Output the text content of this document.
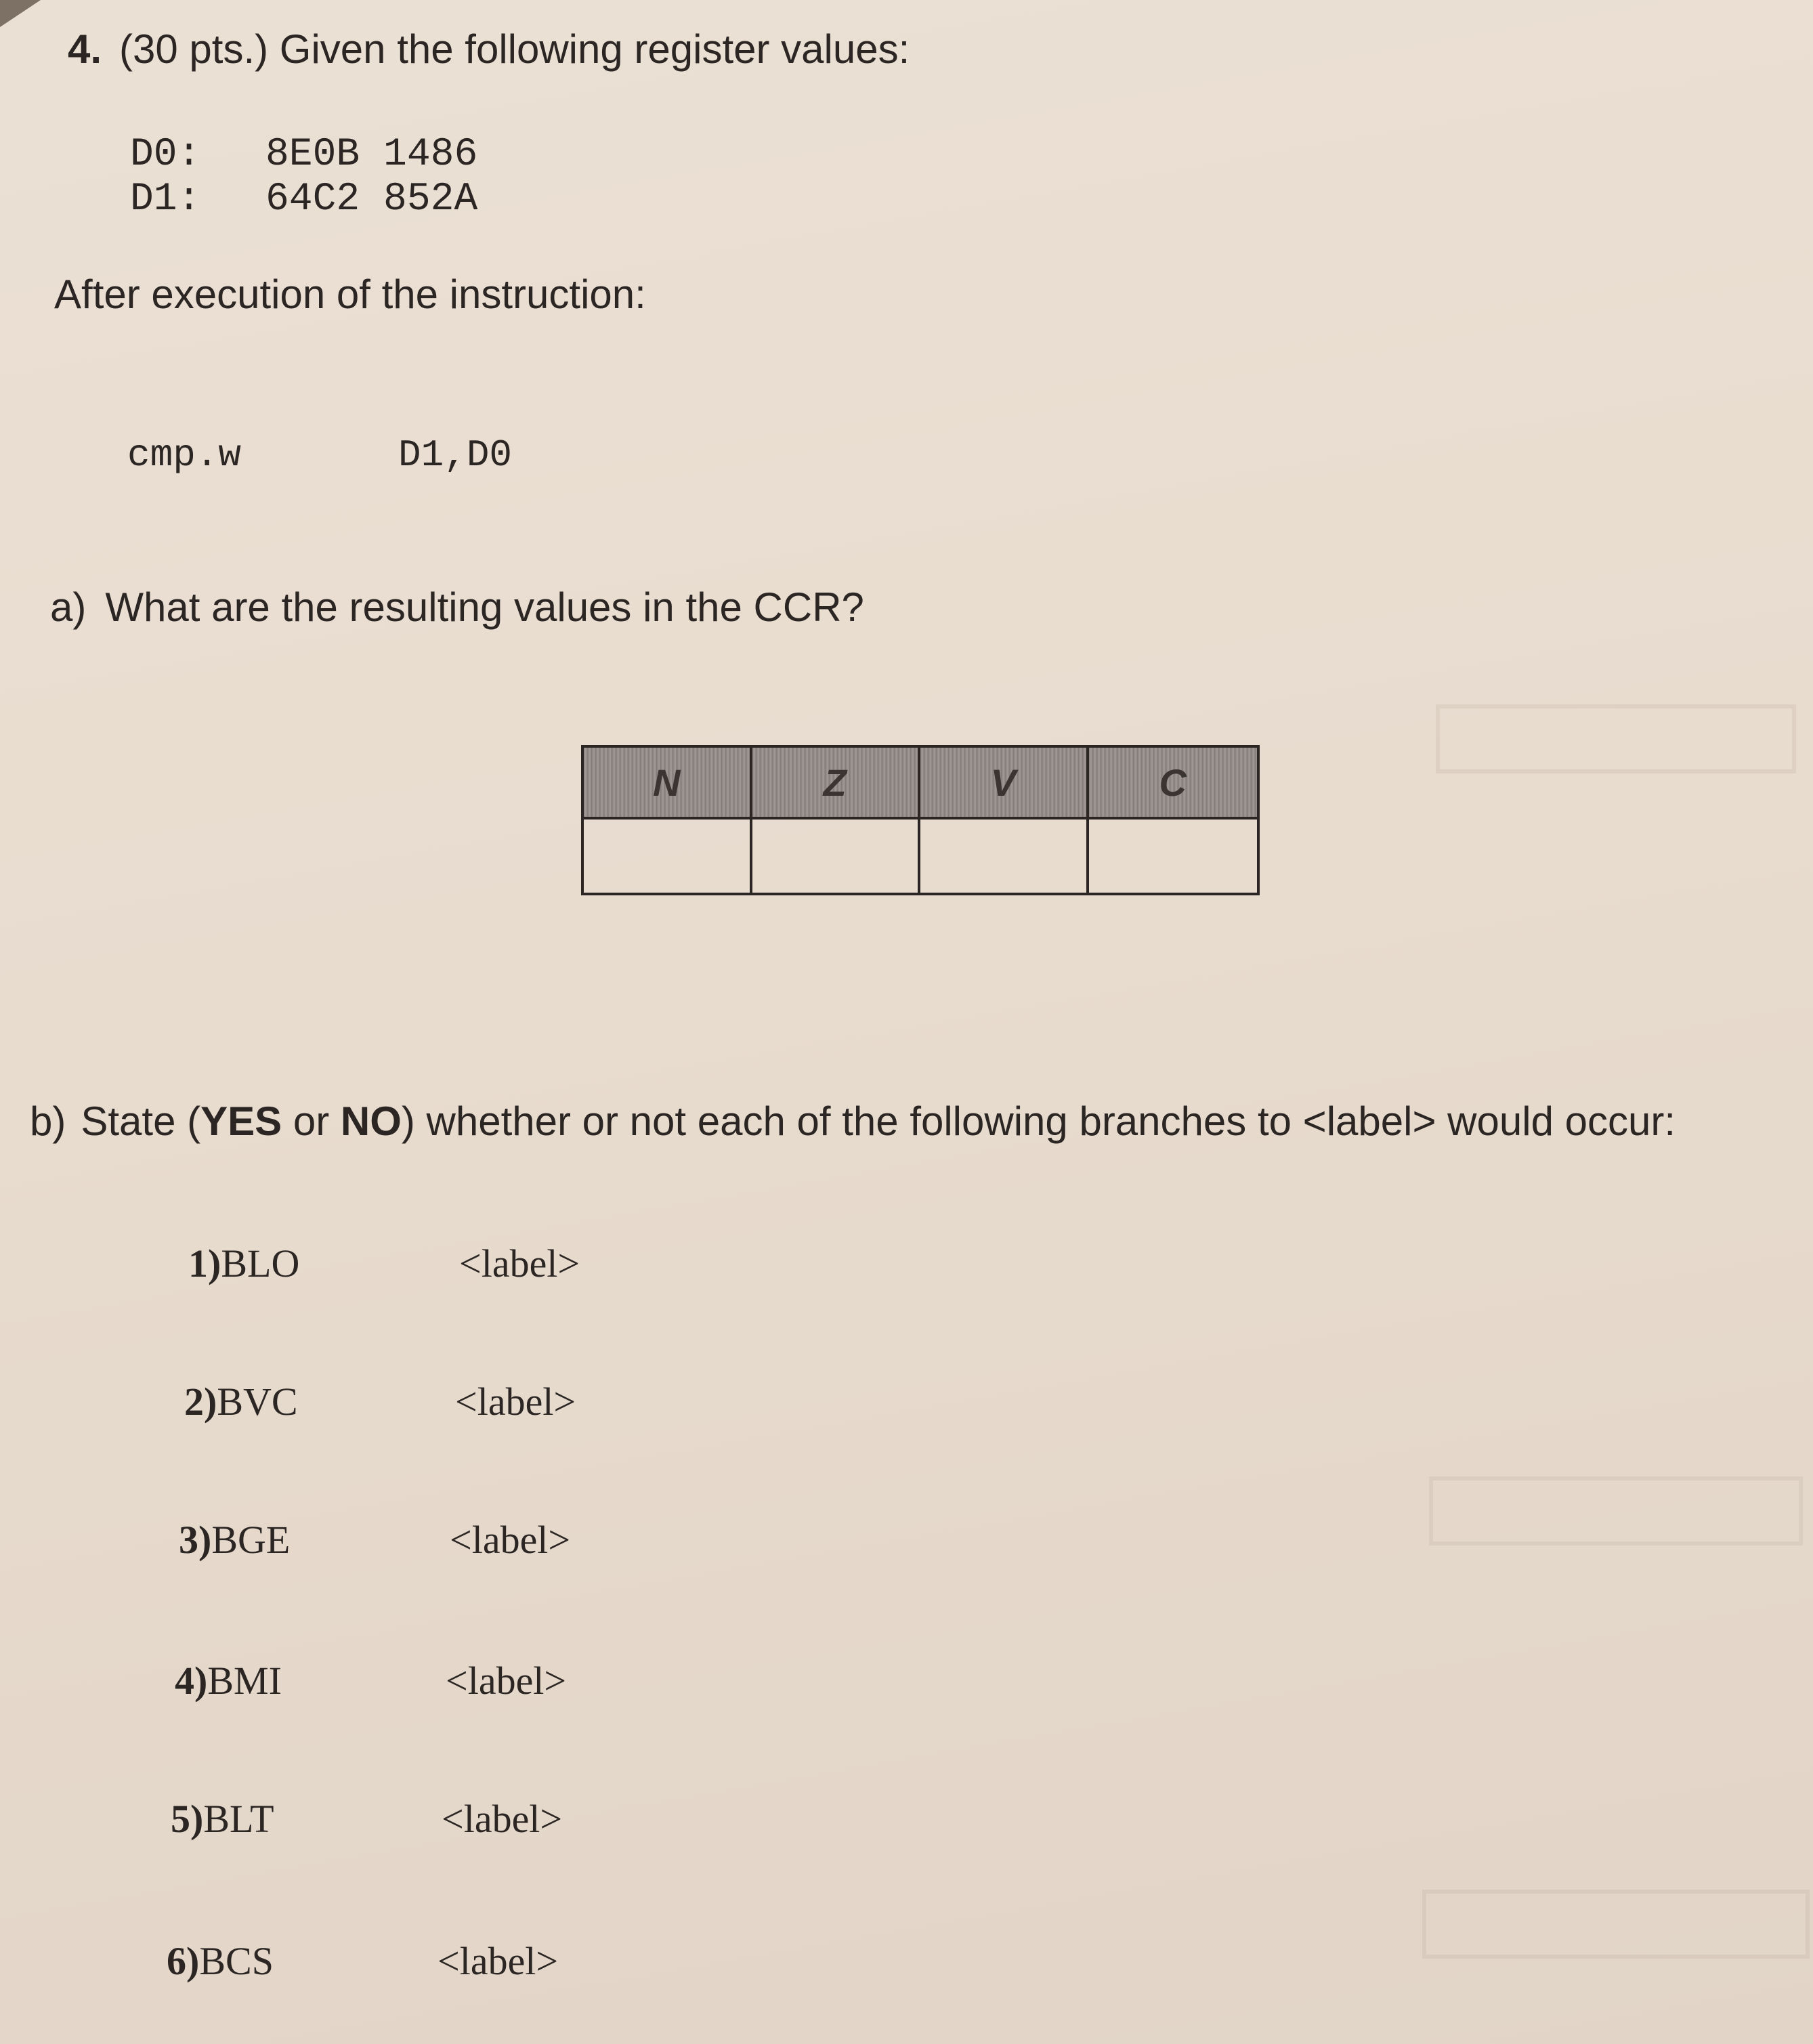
4. (30 pts.) Given the following register values:
D0: 8E0B 1486
D1: 64C2 852A
After execution of the instruction:
cmp.w	D1,D0
a) What are the resulting values in the CCR?
N	Z	V	C
b) State (YES or NO) whether or not each of the following branches to <label> would occur:
1)BLO	<label>
2)BVC	<label>
3)BGE	<label>
4)BMI	<label>
5)BLT	<label>
6)BCS	<label>
